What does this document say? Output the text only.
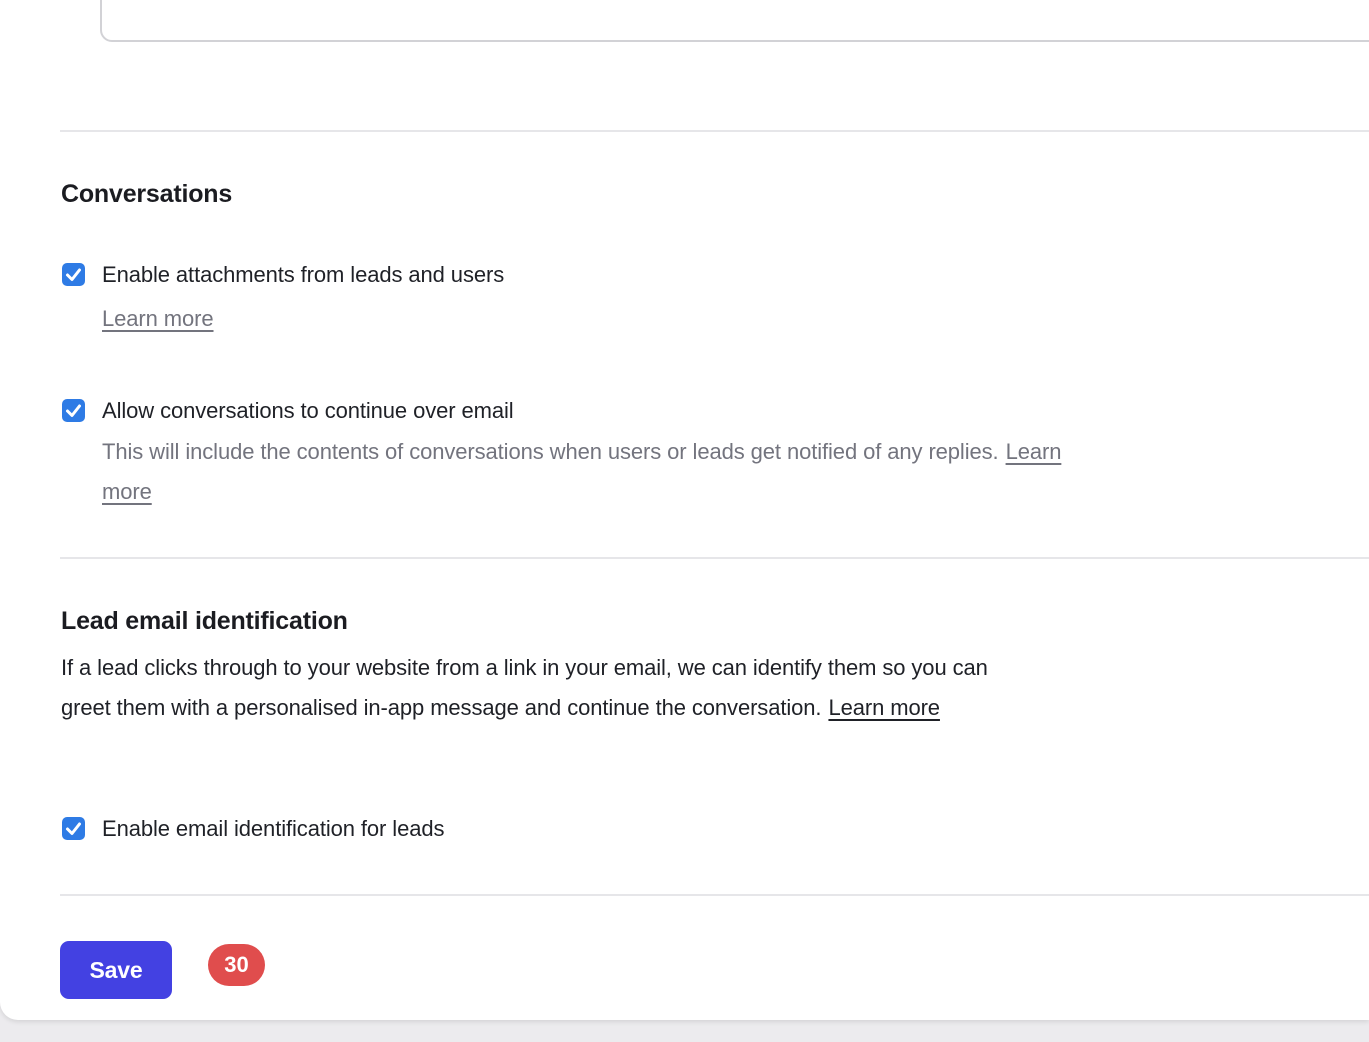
Conversations
Enable attachments from leads and users
Learn more
Allow conversations to continue over email

This will include the contents of conversations when users or leads get notified of any replies. Learn more

Lead email identification

If a lead clicks through to your website from a link in your email, we can identify them so you can greet them with a personalised in-app message and continue the conversation. Learn more

Enable email identification for leads
Save	30
